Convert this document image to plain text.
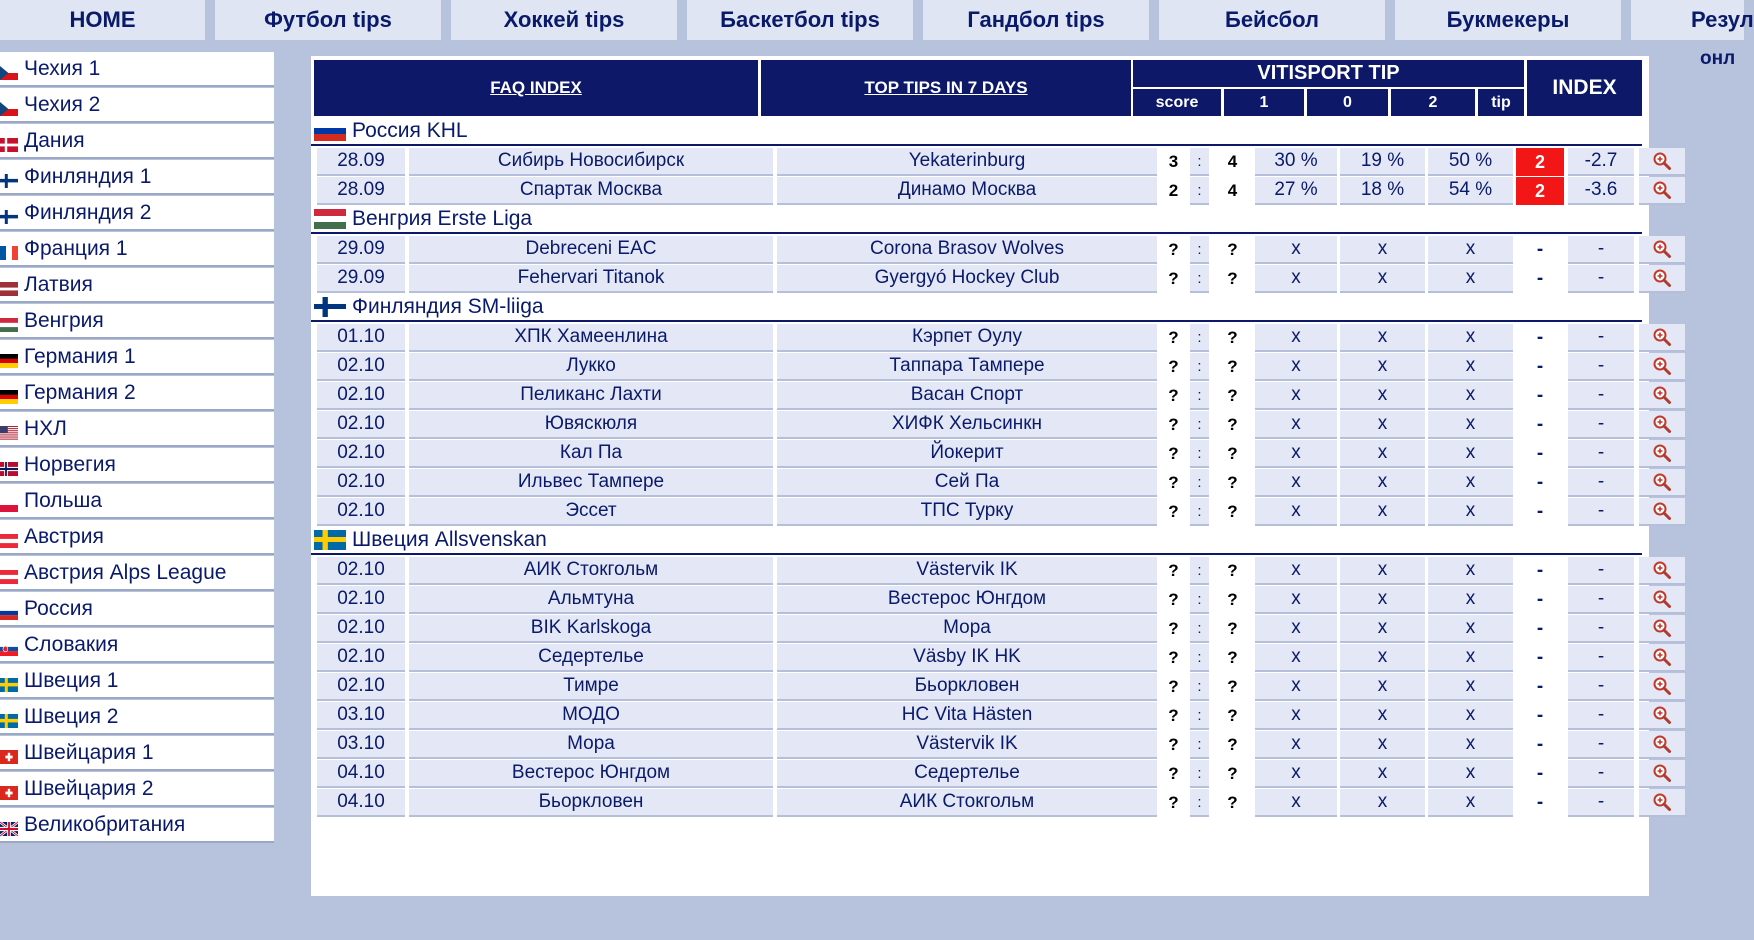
HOME	Футбол tips	Хоккей tips	Баскетбол tips	Гандбол tips	Бейсбол	Букмекеры	Резул
онл
Чехия 1
Чехия 2
Дания
Финляндия 1
Финляндия 2
Франция 1
Латвия
Венгрия
Германия 1
Германия 2
НХЛ
Норвегия
Польша
Австрия
Австрия Alps League
Россия
Словакия
Швеция 1
Швеция 2
Швейцария 1
Швейцария 2
Великобритания
FAQ INDEX	TOP TIPS IN 7 DAYS
VITISPORT TIP
INDEX
score	1	0	2	tip
Россия KHL
28.09	Сибирь Новосибирск	Yekaterinburg	3	:	4	30 %	19 %	50 %	2	-2.7
28.09	Спартак Москва	Динамо Москва	2	:	4	27 %	18 %	54 %	2	-3.6
Венгрия Erste Liga
29.09	Debreceni EAC	Corona Brasov Wolves	?	:	?	x	x	x	-	-
29.09	Fehervari Titanok	Gyergyó Hockey Club	?	:	?	x	x	x	-	-
Финляндия SM-liiga
01.10	ХПК Хамеенлина	Кэрпет Оулу	?	:	?	x	x	x	-	-
02.10	Лукко	Таппара Тампере	?	:	?	x	x	x	-	-
02.10	Пеликанс Лахти	Васан Спорт	?	:	?	x	x	x	-	-
02.10	Ювяскюля	ХИФК Хельсинкн	?	:	?	x	x	x	-	-
02.10	Кал Па	Йокерит	?	:	?	x	x	x	-	-
02.10	Ильвес Тампере	Сей Па	?	:	?	x	x	x	-	-
02.10	Эссет	ТПС Турку	?	:	?	x	x	x	-	-
Швеция Allsvenskan
02.10	АИК Стокгольм	Västervik IK	?	:	?	x	x	x	-	-
02.10	Альмтуна	Вестерос Юнгдом	?	:	?	x	x	x	-	-
02.10	BIK Karlskoga	Мора	?	:	?	x	x	x	-	-
02.10	Седертелье	Väsby IK HK	?	:	?	x	x	x	-	-
02.10	Тимре	Бьоркловен	?	:	?	x	x	x	-	-
03.10	МОДО	HC Vita Hästen	?	:	?	x	x	x	-	-
03.10	Мора	Västervik IK	?	:	?	x	x	x	-	-
04.10	Вестерос Юнгдом	Седертелье	?	:	?	x	x	x	-	-
04.10	Бьоркловен	АИК Стокгольм	?	:	?	x	x	x	-	-
